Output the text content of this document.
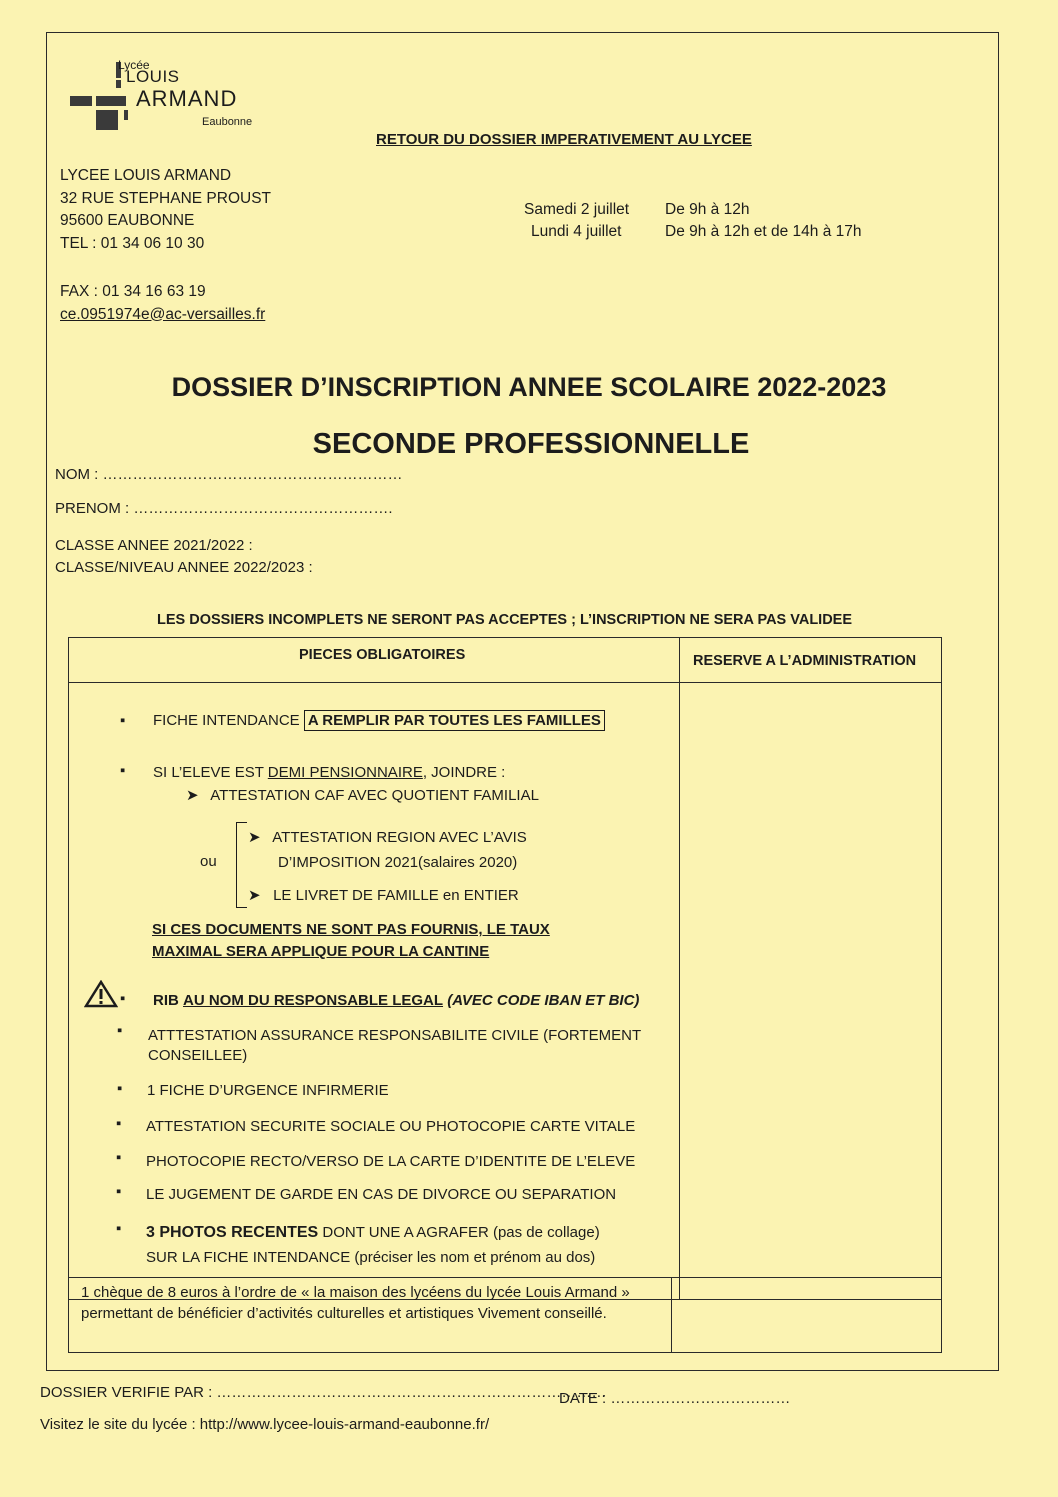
Lycée
LOUIS
ARMAND
Eaubonne
RETOUR DU DOSSIER IMPERATIVEMENT AU LYCEE
LYCEE LOUIS ARMAND
32 RUE STEPHANE PROUST
95600 EAUBONNE
TEL : 01 34 06 10 30
FAX : 01 34 16 63 19
ce.0951974e@ac-versailles.fr
Samedi 2 juillet	De 9h à 12h
Lundi 4 juillet	De 9h à 12h et de 14h à 17h
DOSSIER D’INSCRIPTION ANNEE SCOLAIRE 2022-2023
SECONDE PROFESSIONNELLE
NOM : ……………………………………………………
PRENOM : …………………………………………….
CLASSE ANNEE 2021/2022 :
CLASSE/NIVEAU ANNEE 2022/2023 :
LES DOSSIERS INCOMPLETS NE SERONT PAS ACCEPTES ; L’INSCRIPTION NE SERA PAS VALIDEE
PIECES OBLIGATOIRES	RESERVE A L’ADMINISTRATION
▪ FICHE INTENDANCE A REMPLIR PAR TOUTES LES FAMILLES
▪ SI L’ELEVE EST DEMI PENSIONNAIRE, JOINDRE :
➤ ATTESTATION CAF AVEC QUOTIENT FAMILIAL
ou
➤ ATTESTATION REGION AVEC L’AVIS
D’IMPOSITION 2021(salaires 2020)
➤ LE LIVRET DE FAMILLE en ENTIER
SI CES DOCUMENTS NE SONT PAS FOURNIS, LE TAUX
MAXIMAL SERA APPLIQUE POUR LA CANTINE
▪ RIB AU NOM DU RESPONSABLE LEGAL (AVEC CODE IBAN ET BIC)
▪ ATTTESTATION ASSURANCE RESPONSABILITE CIVILE (FORTEMENT
CONSEILLEE)
▪ 1 FICHE D’URGENCE INFIRMERIE
▪ ATTESTATION SECURITE SOCIALE OU PHOTOCOPIE CARTE VITALE
▪ PHOTOCOPIE RECTO/VERSO DE LA CARTE D’IDENTITE DE L’ELEVE
▪ LE JUGEMENT DE GARDE EN CAS DE DIVORCE OU SEPARATION
▪ 3 PHOTOS RECENTES DONT UNE A AGRAFER (pas de collage)
SUR LA FICHE INTENDANCE (préciser les nom et prénom au dos)
1 chèque de 8 euros à l’ordre de « la maison des lycéens du lycée Louis Armand » permettant de bénéficier d’activités culturelles et artistiques Vivement conseillé.
DOSSIER VERIFIE PAR : ……………………………………………………………………
DATE : ………………………………
Visitez le site du lycée : http://www.lycee-louis-armand-eaubonne.fr/
